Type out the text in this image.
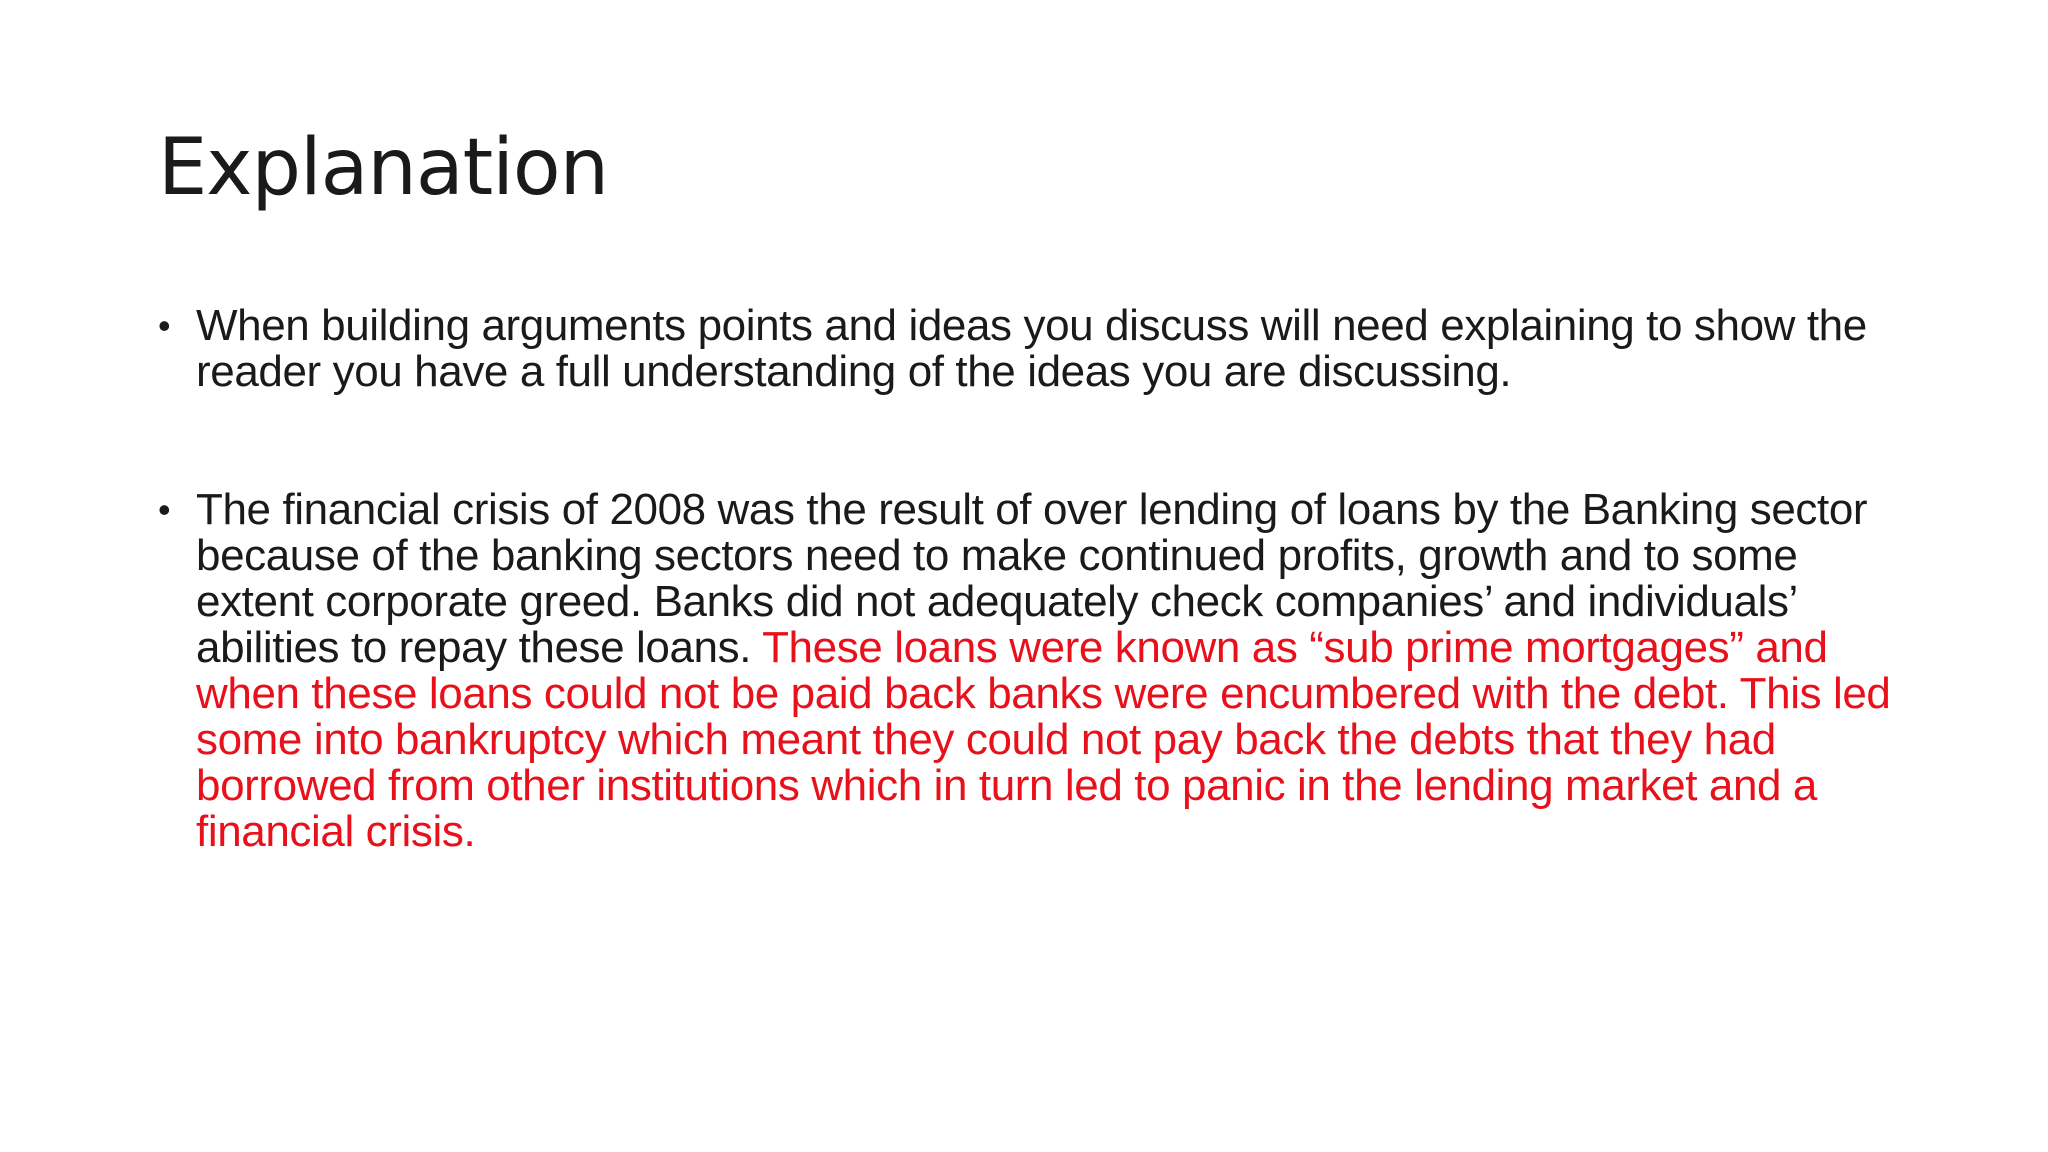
Explanation
• When building arguments points and ideas you discuss will need explaining to show the reader you have a full understanding of the ideas you are discussing.
• The financial crisis of 2008 was the result of over lending of loans by the Banking sector because of the banking sectors need to make continued profits, growth and to some extent corporate greed. Banks did not adequately check companies’ and individuals’ abilities to repay these loans. These loans were known as “sub prime mortgages” and when these loans could not be paid back banks were encumbered with the debt. This led some into bankruptcy which meant they could not pay back the debts that they had borrowed from other institutions which in turn led to panic in the lending market and a financial crisis.
